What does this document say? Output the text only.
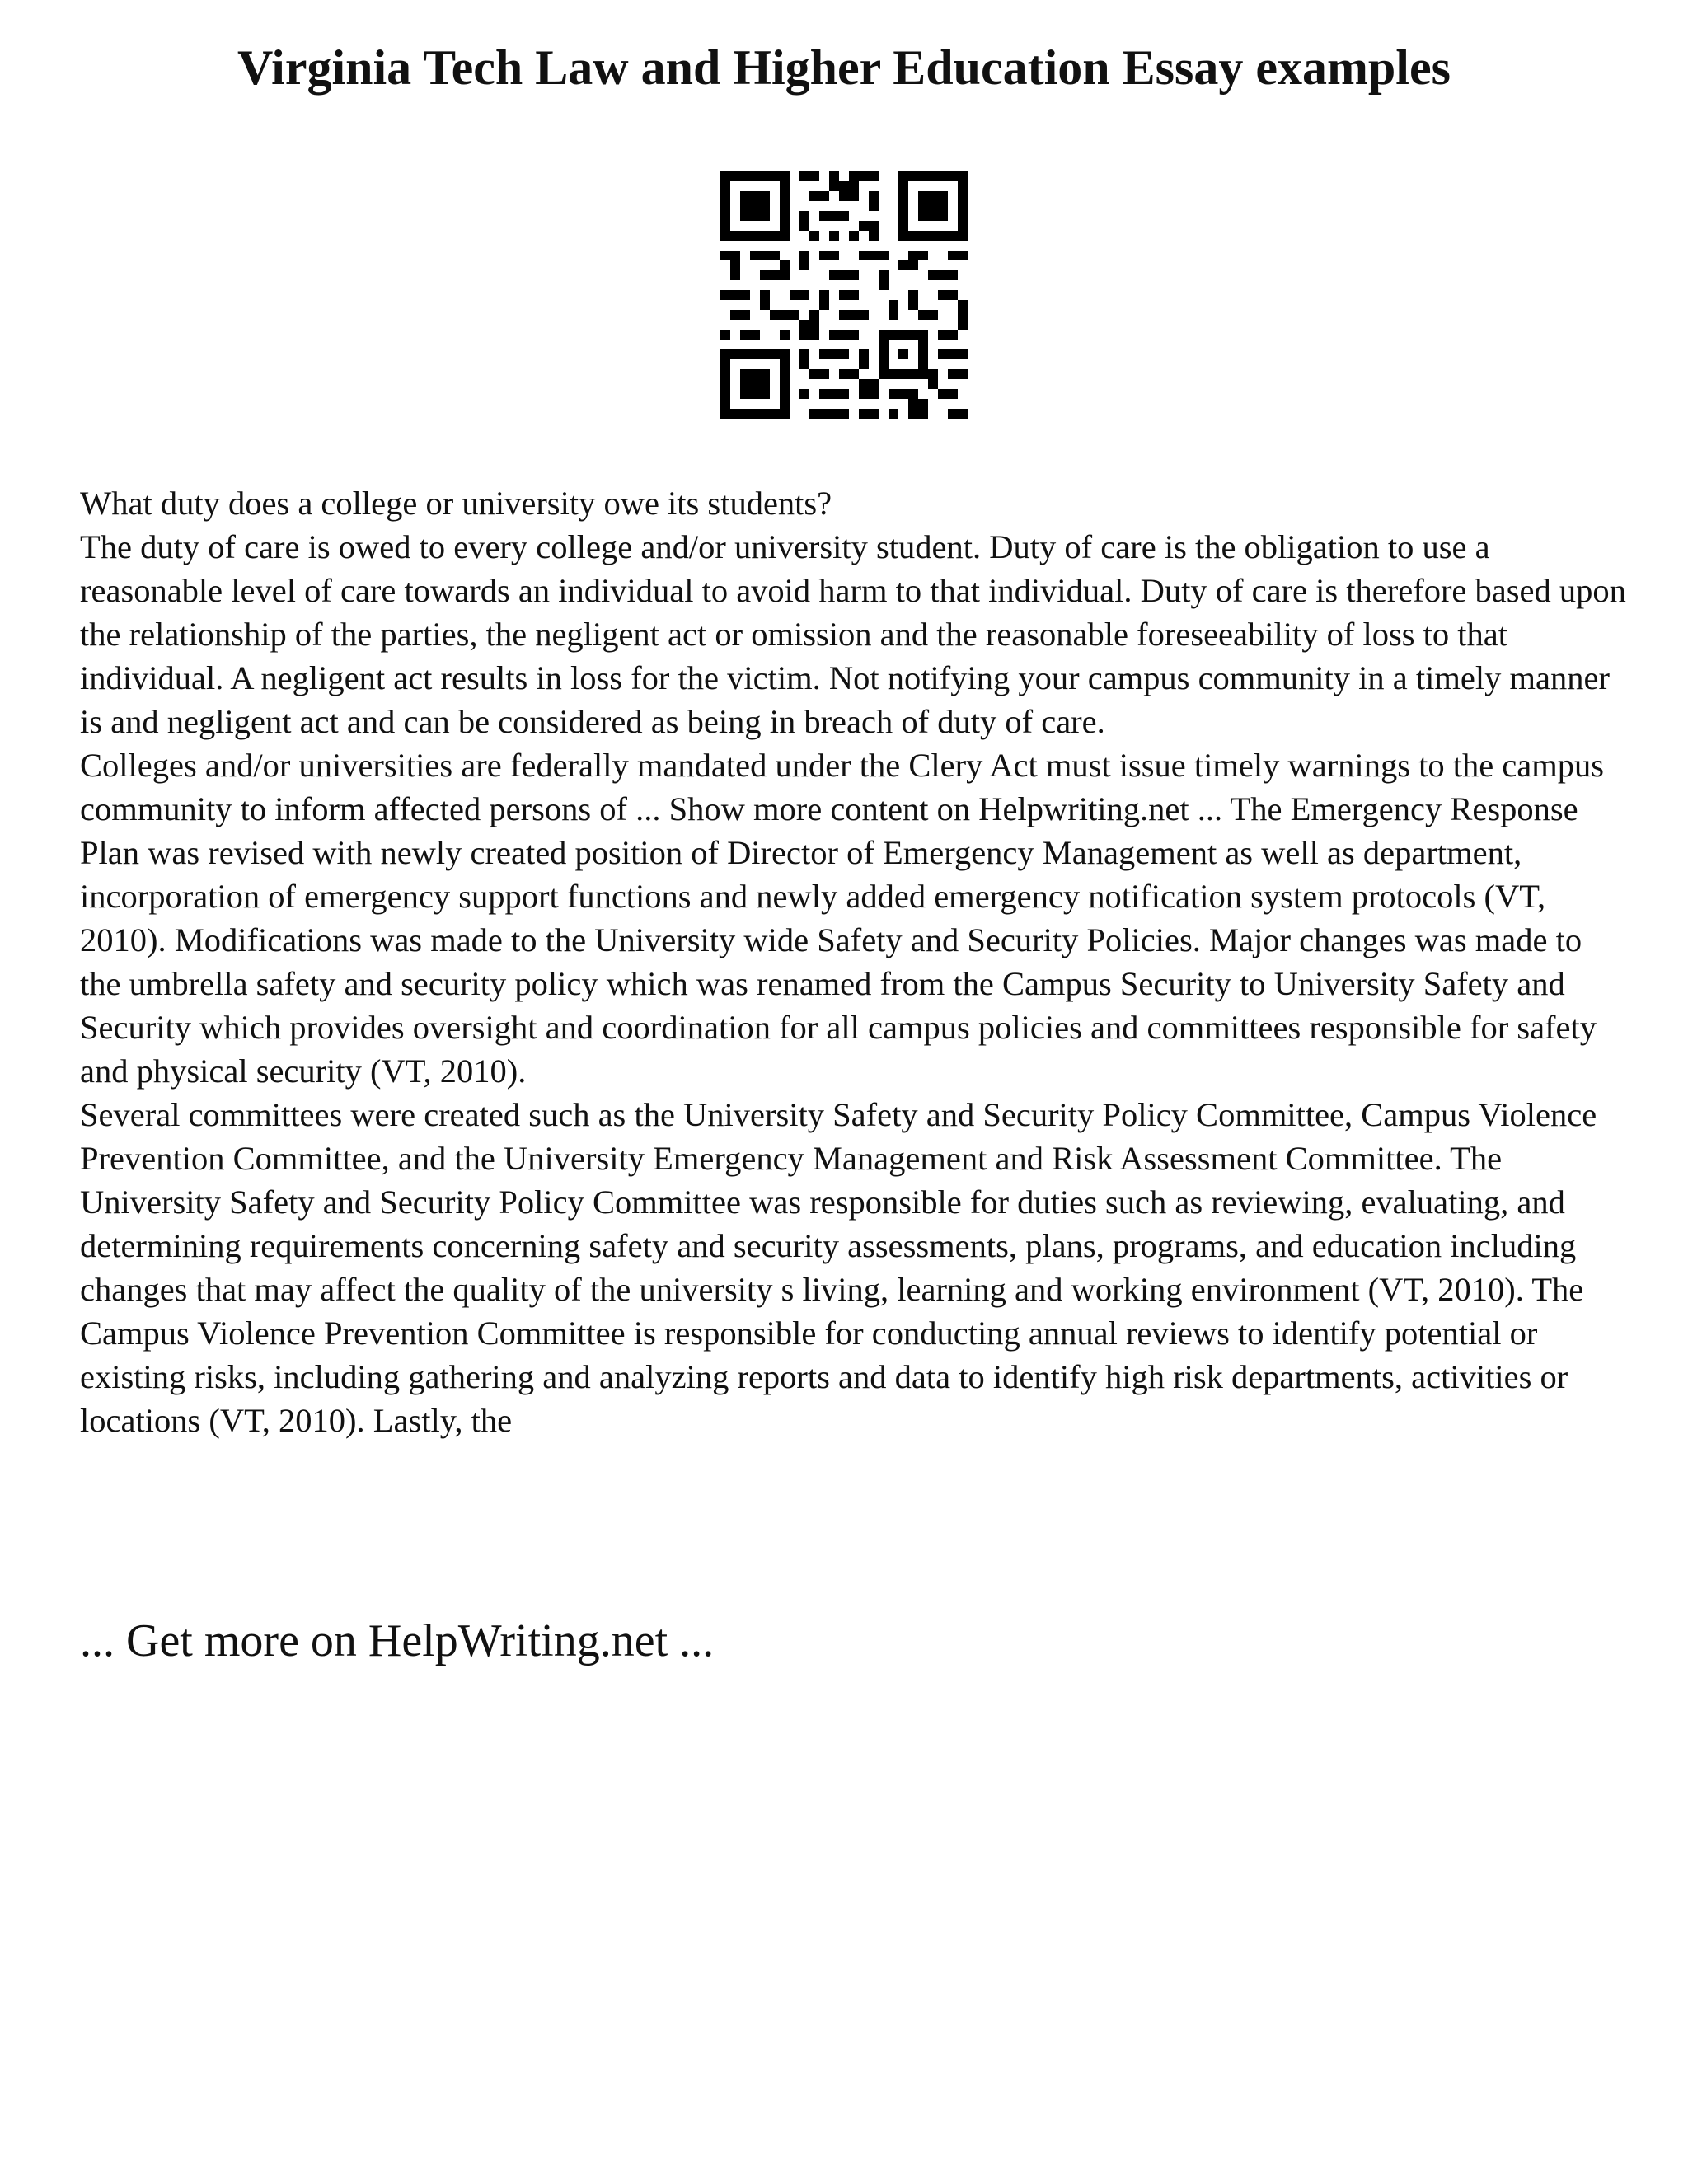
Virginia Tech Law and Higher Education Essay examples

What duty does a college or university owe its students?

The duty of care is owed to every college and/or university student. Duty of care is the obligation to use a reasonable level of care towards an individual to avoid harm to that individual. Duty of care is therefore based upon the relationship of the parties, the negligent act or omission and the reasonable foreseeability of loss to that individual. A negligent act results in loss for the victim. Not notifying your campus community in a timely manner is and negligent act and can be considered as being in breach of duty of care.

Colleges and/or universities are federally mandated under the Clery Act must issue timely warnings to the campus community to inform affected persons of ... Show more content on Helpwriting.net ... The Emergency Response Plan was revised with newly created position of Director of Emergency Management as well as department, incorporation of emergency support functions and newly added emergency notification system protocols (VT, 2010). Modifications was made to the University wide Safety and Security Policies. Major changes was made to the umbrella safety and security policy which was renamed from the Campus Security to University Safety and Security which provides oversight and coordination for all campus policies and committees responsible for safety and physical security (VT, 2010).

Several committees were created such as the University Safety and Security Policy Committee, Campus Violence Prevention Committee, and the University Emergency Management and Risk Assessment Committee. The University Safety and Security Policy Committee was responsible for duties such as reviewing, evaluating, and determining requirements concerning safety and security assessments, plans, programs, and education including changes that may affect the quality of the university s living, learning and working environment (VT, 2010). The Campus Violence Prevention Committee is responsible for conducting annual reviews to identify potential or existing risks, including gathering and analyzing reports and data to identify high risk departments, activities or locations (VT, 2010). Lastly, the

... Get more on HelpWriting.net ...
